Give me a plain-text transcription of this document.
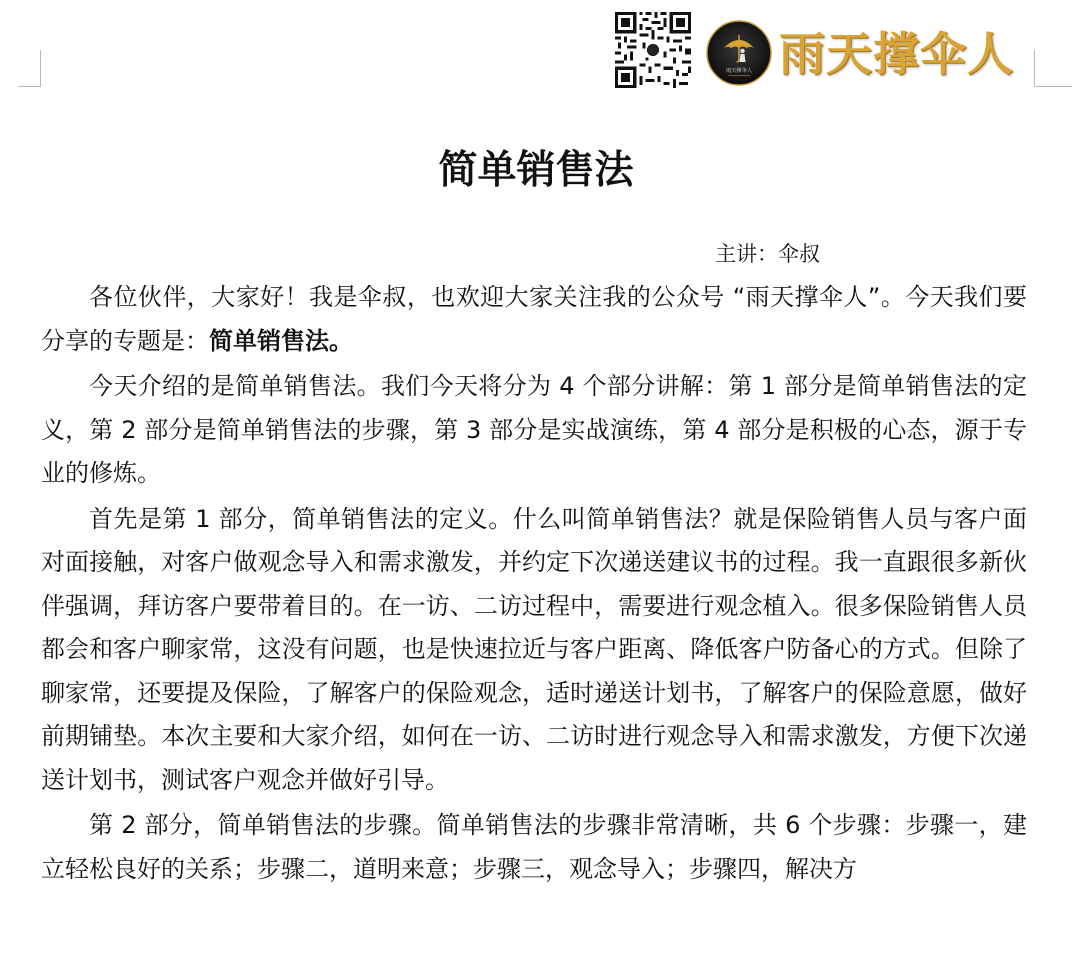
雨天撑伞人 雨天撑伞人
简单销售法
主讲：伞叔

各位伙伴，大家好！我是伞叔，也欢迎大家关注我的公众号 “雨天撑伞人”。今天我们要分享的专题是：简单销售法。

今天介绍的是简单销售法。我们今天将分为 4 个部分讲解：第 1 部分是简单销售法的定义，第 2 部分是简单销售法的步骤，第 3 部分是实战演练，第 4 部分是积极的心态，源于专业的修炼。

首先是第 1 部分，简单销售法的定义。什么叫简单销售法？就是保险销售人员与客户面对面接触，对客户做观念导入和需求激发，并约定下次递送建议书的过程。我一直跟很多新伙伴强调，拜访客户要带着目的。在一访、二访过程中，需要进行观念植入。很多保险销售人员都会和客户聊家常，这没有问题，也是快速拉近与客户距离、降低客户防备心的方式。但除了聊家常，还要提及保险，了解客户的保险观念，适时递送计划书，了解客户的保险意愿，做好前期铺垫。本次主要和大家介绍，如何在一访、二访时进行观念导入和需求激发，方便下次递送计划书，测试客户观念并做好引导。

第 2 部分，简单销售法的步骤。简单销售法的步骤非常清晰，共 6 个步骤：步骤一，建立轻松良好的关系；步骤二，道明来意；步骤三，观念导入；步骤四，解决方
